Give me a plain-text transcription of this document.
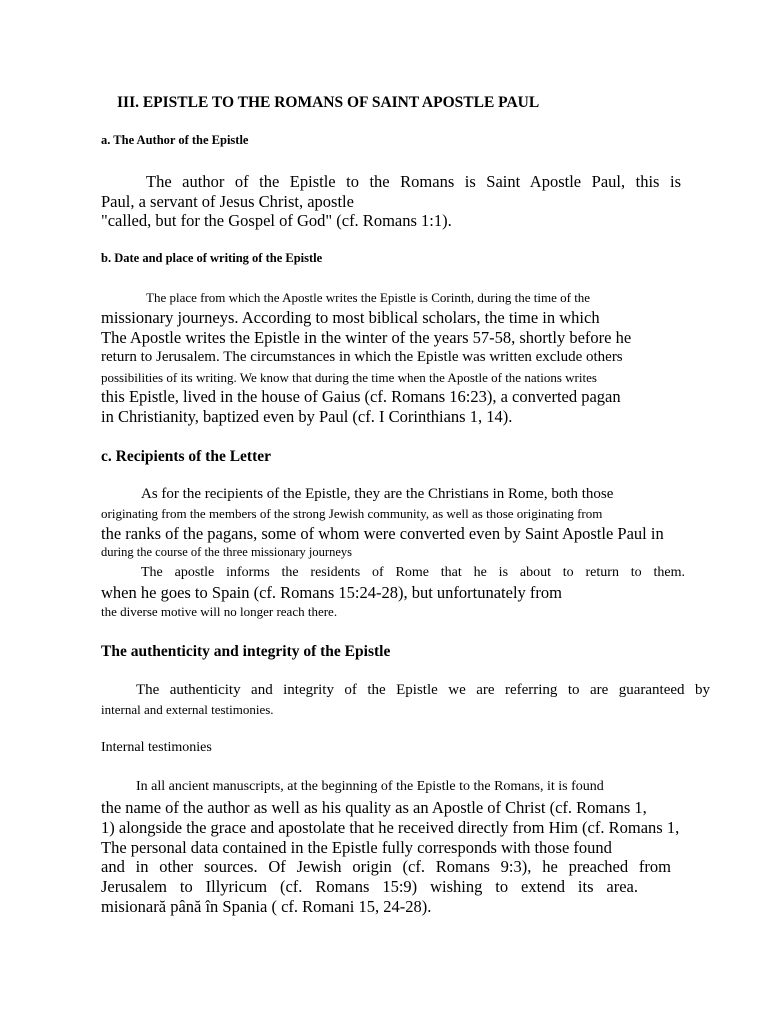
III. EPISTLE TO THE ROMANS OF SAINT APOSTLE PAUL
a. The Author of the Epistle
The author of the Epistle to the Romans is Saint Apostle Paul, this is
Paul, a servant of Jesus Christ, apostle
"called, but for the Gospel of God" (cf. Romans 1:1).
b. Date and place of writing of the Epistle
The place from which the Apostle writes the Epistle is Corinth, during the time of the
missionary journeys. According to most biblical scholars, the time in which
The Apostle writes the Epistle in the winter of the years 57-58, shortly before he
return to Jerusalem. The circumstances in which the Epistle was written exclude others
possibilities of its writing. We know that during the time when the Apostle of the nations writes
this Epistle, lived in the house of Gaius (cf. Romans 16:23), a converted pagan
in Christianity, baptized even by Paul (cf. I Corinthians 1, 14).
c. Recipients of the Letter
As for the recipients of the Epistle, they are the Christians in Rome, both those
originating from the members of the strong Jewish community, as well as those originating from
the ranks of the pagans, some of whom were converted even by Saint Apostle Paul in
during the course of the three missionary journeys
The apostle informs the residents of Rome that he is about to return to them.
when he goes to Spain (cf. Romans 15:24-28), but unfortunately from
the diverse motive will no longer reach there.
The authenticity and integrity of the Epistle
The authenticity and integrity of the Epistle we are referring to are guaranteed by
internal and external testimonies.
Internal testimonies
In all ancient manuscripts, at the beginning of the Epistle to the Romans, it is found
the name of the author as well as his quality as an Apostle of Christ (cf. Romans 1,
1) alongside the grace and apostolate that he received directly from Him (cf. Romans 1,
The personal data contained in the Epistle fully corresponds with those found
and in other sources. Of Jewish origin (cf. Romans 9:3), he preached from
Jerusalem to Illyricum (cf. Romans 15:9) wishing to extend its area.
misionară până în Spania ( cf. Romani 15, 24-28).
